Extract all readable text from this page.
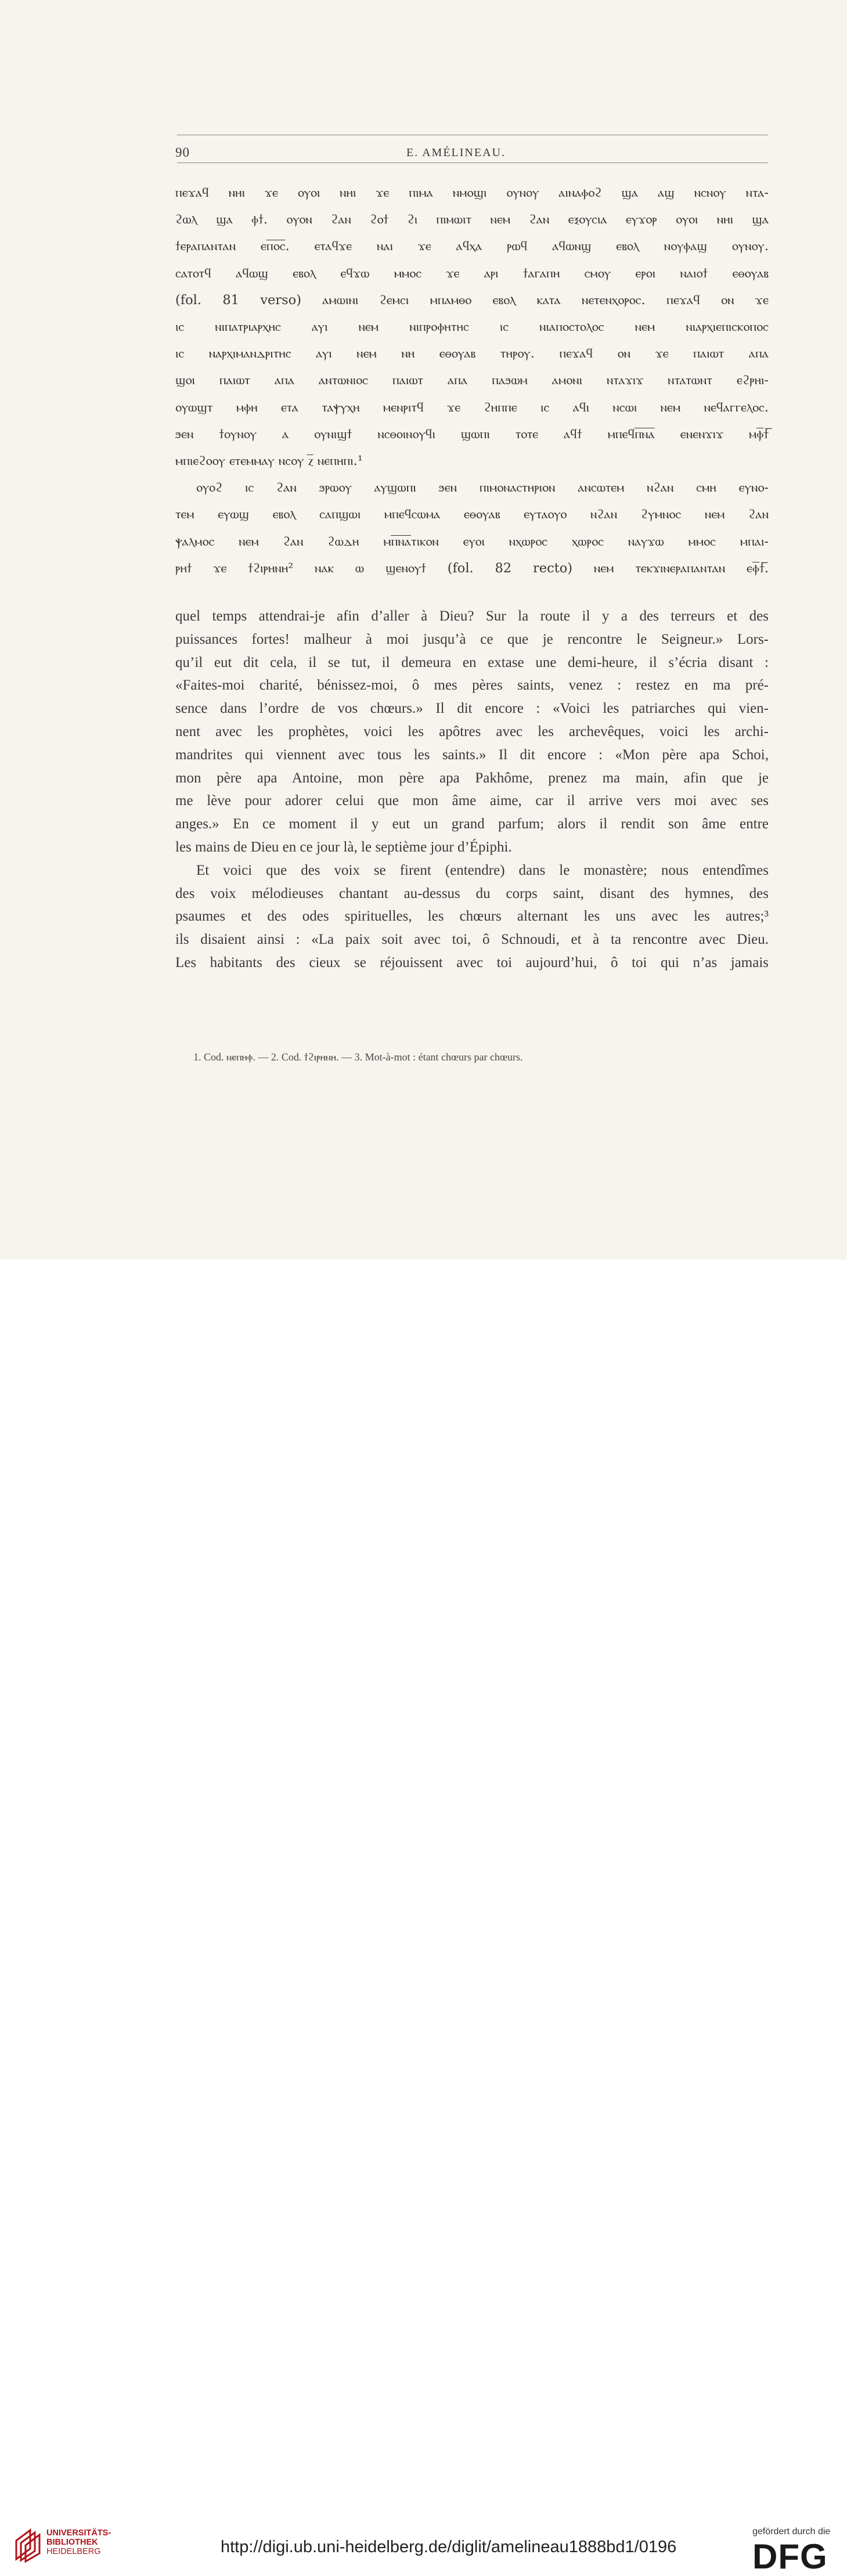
90	E. AMÉLINEAU.

ⲡⲉϫⲁϥ ⲛⲏⲓ ϫⲉ ⲟⲩⲟⲓ ⲛⲏⲓ ϫⲉ ⲡⲓⲙⲁ ⲛⲙⲟϣⲓ ⲟⲩⲛⲟⲩ ⲁⲓⲛⲁⲫⲟϩ ϣⲁ ⲁϣ ⲛⲥⲛⲟⲩ ⲛⲧⲁ-

ϩⲱⲗ ϣⲁ ⲫϯ. ⲟⲩⲟⲛ ϩⲁⲛ ϩⲟϯ ϩⲓ ⲡⲓⲙⲱⲓⲧ ⲛⲉⲙ ϩⲁⲛ ⲉⲝⲟⲩⲥⲓⲁ ⲉⲩϫⲟⲣ ⲟⲩⲟⲓ ⲛⲏⲓ ϣⲁ

ϯⲉⲣⲁⲡⲁⲛⲧⲁⲛ ⲉⲡ̅ⲟ̅ⲥ̅. ⲉⲧⲁϥϫⲉ ⲛⲁⲓ ϫⲉ ⲁϥⲭⲁ ⲣⲱϥ ⲁϥⲱⲛϣ ⲉⲃⲟⲗ ⲛⲟⲩⲫⲁϣ ⲟⲩⲛⲟⲩ.

ⲥⲁⲧⲟⲧϥ ⲁϥⲱϣ ⲉⲃⲟⲗ ⲉϥϫⲱ ⲙⲙⲟⲥ ϫⲉ ⲁⲣⲓ ϯⲁⲅⲁⲡⲏ ⲥⲙⲟⲩ ⲉⲣⲟⲓ ⲛⲁⲓⲟϯ ⲉⲑⲟⲩⲁⲃ

(fol. 81 verso) ⲁⲙⲱⲓⲛⲓ ϩⲉⲙⲥⲓ ⲙⲡⲁⲙⲑⲟ ⲉⲃⲟⲗ ⲕⲁⲧⲁ ⲛⲉⲧⲉⲛⲭⲟⲣⲟⲥ. ⲡⲉϫⲁϥ ⲟⲛ ϫⲉ

ⲓⲥ ⲛⲓⲡⲁⲧⲣⲓⲁⲣⲭⲏⲥ ⲁⲩⲓ ⲛⲉⲙ ⲛⲓⲡⲣⲟⲫⲏⲧⲏⲥ ⲓⲥ ⲛⲓⲁⲡⲟⲥⲧⲟⲗⲟⲥ ⲛⲉⲙ ⲛⲓⲁⲣⲭⲓⲉⲡⲓⲥⲕⲟⲡⲟⲥ

ⲓⲥ ⲛⲁⲣⲭⲓⲙⲁⲛⲇⲣⲓⲧⲏⲥ ⲁⲩⲓ ⲛⲉⲙ ⲛⲏ ⲉⲑⲟⲩⲁⲃ ⲧⲏⲣⲟⲩ. ⲡⲉϫⲁϥ ⲟⲛ ϫⲉ ⲡⲁⲓⲱⲧ ⲁⲡⲁ

ϣⲟⲓ ⲡⲁⲓⲱⲧ ⲁⲡⲁ ⲁⲛⲧⲱⲛⲓⲟⲥ ⲡⲁⲓⲱⲧ ⲁⲡⲁ ⲡⲁϧⲱⲙ ⲁⲙⲟⲛⲓ ⲛⲧⲁϫⲓϫ ⲛⲧⲁⲧⲱⲛⲧ ⲉϩⲣⲏⲓ-

ⲟⲩⲱϣⲧ ⲙⲫⲏ ⲉⲧⲁ ⲧⲁⲯⲩⲭⲏ ⲙⲉⲛⲣⲓⲧϥ ϫⲉ ϩⲏⲡⲡⲉ ⲓⲥ ⲁϥⲓ ⲛⲥⲱⲓ ⲛⲉⲙ ⲛⲉϥⲁⲅⲅⲉⲗⲟⲥ.

ϧⲉⲛ ϯⲟⲩⲛⲟⲩ ⲁ ⲟⲩⲛⲓϣϯ ⲛⲥⲑⲟⲓⲛⲟⲩϥⲓ ϣⲱⲡⲓ ⲧⲟⲧⲉ ⲁϥϯ ⲙⲡⲉϥⲡ̅ⲛ̅ⲁ̅ ⲉⲛⲉⲛϫⲓϫ ⲙⲫ̅ϯ̅

ⲙⲡⲓⲉϩⲟⲟⲩ ⲉⲧⲉⲙⲙⲁⲩ ⲛⲥⲟⲩ ⲍ̅ ⲛⲉⲡⲏⲡⲓ.¹

ⲟⲩⲟϩ ⲓⲥ ϩⲁⲛ ϧⲣⲱⲟⲩ ⲁⲩϣⲱⲡⲓ ϧⲉⲛ ⲡⲓⲙⲟⲛⲁⲥⲧⲏⲣⲓⲟⲛ ⲁⲛⲥⲱⲧⲉⲙ ⲛϩⲁⲛ ⲥⲙⲏ ⲉⲩⲛⲟ-

ⲧⲉⲙ ⲉⲩⲱϣ ⲉⲃⲟⲗ ⲥⲁⲡϣⲱⲓ ⲙⲡⲉϥⲥⲱⲙⲁ ⲉⲑⲟⲩⲁⲃ ⲉⲩⲧⲁⲟⲩⲟ ⲛϩⲁⲛ ϩⲩⲙⲛⲟⲥ ⲛⲉⲙ ϩⲁⲛ

ⲯⲁⲗⲙⲟⲥ ⲛⲉⲙ ϩⲁⲛ ϩⲱⲇⲏ ⲙⲡ̅ⲛ̅ⲁ̅ⲧⲓⲕⲟⲛ ⲉⲩⲟⲓ ⲛⲭⲱⲣⲟⲥ ⲭⲱⲣⲟⲥ ⲛⲁⲩϫⲱ ⲙⲙⲟⲥ ⲙⲡⲁⲓ-

ⲣⲏϯ ϫⲉ ϯϩⲓⲣⲏⲛⲏ² ⲛⲁⲕ ⲱ ϣⲉⲛⲟⲩϯ (fol. 82 recto) ⲛⲉⲙ ⲧⲉⲕϫⲓⲛⲉⲣⲁⲡⲁⲛⲧⲁⲛ ⲉⲫ̅ϯ̅.

quel temps attendrai-je afin d’aller à Dieu? Sur la route il y a des terreurs et des

puissances fortes! malheur à moi jusqu’à ce que je rencontre le Seigneur.» Lors-

qu’il eut dit cela, il se tut, il demeura en extase une demi-heure, il s’écria disant :

«Faites-moi charité, bénissez-moi, ô mes pères saints, venez : restez en ma pré-

sence dans l’ordre de vos chœurs.» Il dit encore : «Voici les patriarches qui vien-

nent avec les prophètes, voici les apôtres avec les archevêques, voici les archi-

mandrites qui viennent avec tous les saints.» Il dit encore : «Mon père apa Schoi,

mon père apa Antoine, mon père apa Pakhôme, prenez ma main, afin que je

me lève pour adorer celui que mon âme aime, car il arrive vers moi avec ses

anges.» En ce moment il y eut un grand parfum; alors il rendit son âme entre

les mains de Dieu en ce jour là, le septième jour d’Épiphi.

Et voici que des voix se firent (entendre) dans le monastère; nous entendîmes

des voix mélodieuses chantant au-dessus du corps saint, disant des hymnes, des

psaumes et des odes spirituelles, les chœurs alternant les uns avec les autres;³

ils disaient ainsi : «La paix soit avec toi, ô Schnoudi, et à ta rencontre avec Dieu.

Les habitants des cieux se réjouissent avec toi aujourd’hui, ô toi qui n’as jamais

1. Cod. ⲛⲉⲡⲏⲫ. — 2. Cod. ϯϩⲓⲣⲏⲛⲏ. — 3. Mot-à-mot : étant chœurs par chœurs.
UNIVERSITÄTS-
BIBLIOTHEK
HEIDELBERG	http://digi.ub.uni-heidelberg.de/diglit/amelineau1888bd1/0196
gefördert durch die
DFG
